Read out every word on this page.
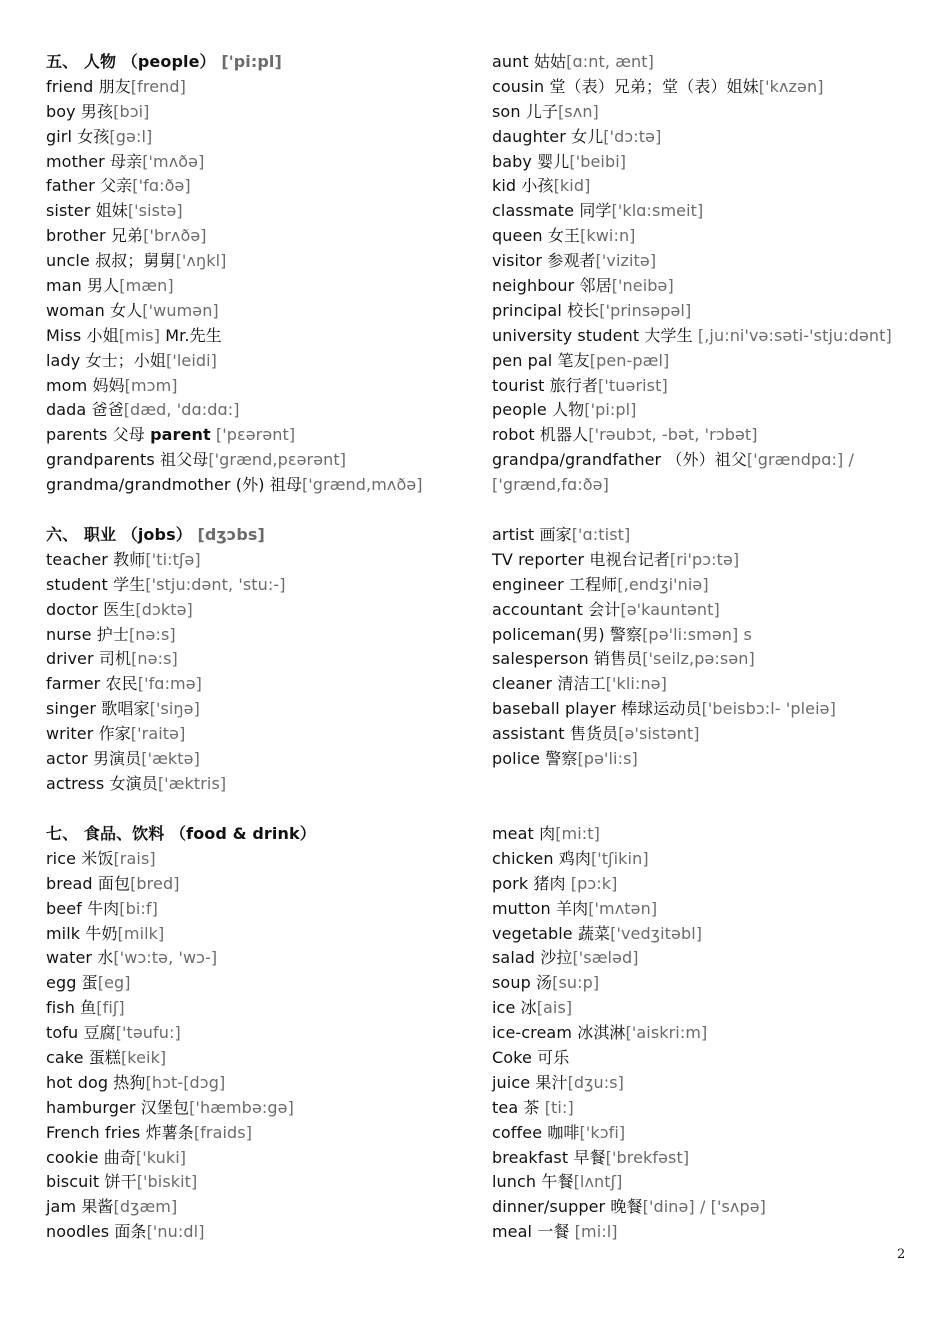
五、 人物 （people） ['pi:pl]
friend 朋友[frend]
boy 男孩[bɔi]
girl 女孩[gə:l]
mother 母亲['mʌðə]
father 父亲['fɑ:ðə]
sister 姐妹['sistə]
brother 兄弟['brʌðə]
uncle 叔叔；舅舅['ʌŋkl]
man 男人[mæn]
woman 女人['wumən]
Miss 小姐[mis] Mr.先生
lady 女士；小姐['leidi]
mom 妈妈[mɔm]
dada 爸爸[dæd, 'dɑ:dɑ:]
parents 父母 parent ['pɛərənt]
grandparents 祖父母['grænd,pɛərənt]
grandma/grandmother (外) 祖母['grænd,mʌðə]
aunt 姑姑[ɑ:nt, ænt]
cousin 堂（表）兄弟；堂（表）姐妹['kʌzən]
son 儿子[sʌn]
daughter 女儿['dɔ:tə]
baby 婴儿['beibi]
kid 小孩[kid]
classmate 同学['klɑ:smeit]
queen 女王[kwi:n]
visitor 参观者['vizitə]
neighbour 邻居['neibə]
principal 校长['prinsəpəl]
university student 大学生 [,ju:ni'və:səti-'stju:dənt]
pen pal 笔友[pen-pæl]
tourist 旅行者['tuərist]
people 人物['pi:pl]
robot 机器人['rəubɔt, -bət, 'rɔbət]
grandpa/grandfather （外）祖父['grændpɑ:] / ['grænd,fɑ:ðə]
六、 职业 （jobs） [dʒɔbs]
teacher 教师['ti:tʃə]
student 学生['stju:dənt, 'stu:-]
doctor 医生[dɔktə]
nurse 护士[nə:s]
driver 司机[nə:s]
farmer 农民['fɑ:mə]
singer 歌唱家['siŋə]
writer 作家['raitə]
actor 男演员['æktə]
actress 女演员['æktris]
artist 画家['ɑ:tist]
TV reporter 电视台记者[ri'pɔ:tə]
engineer 工程师[,endʒi'niə]
accountant 会计[ə'kauntənt]
policeman(男) 警察[pə'li:smən] s
salesperson 销售员['seilz,pə:sən]
cleaner 清洁工['kli:nə]
baseball player 棒球运动员['beisbɔ:l- 'pleiə]
assistant 售货员[ə'sistənt]
police 警察[pə'li:s]
七、 食品、饮料 （food & drink）
rice 米饭[rais]
bread 面包[bred]
beef 牛肉[bi:f]
milk 牛奶[milk]
water 水['wɔ:tə, 'wɔ-]
egg 蛋[eg]
fish 鱼[fiʃ]
tofu 豆腐['təufu:]
cake 蛋糕[keik]
hot dog 热狗[hɔt-[dɔg]
hamburger 汉堡包['hæmbə:gə]
French fries 炸薯条[fraids]
cookie 曲奇['kuki]
biscuit 饼干['biskit]
jam 果酱[dʒæm]
noodles 面条['nu:dl]
meat 肉[mi:t]
chicken 鸡肉['tʃikin]
pork 猪肉 [pɔ:k]
mutton 羊肉['mʌtən]
vegetable 蔬菜['vedʒitəbl]
salad 沙拉['sæləd]
soup 汤[su:p]
ice 冰[ais]
ice-cream 冰淇淋['aiskri:m]
Coke 可乐
juice 果汁[dʒu:s]
tea 茶 [ti:]
coffee 咖啡['kɔfi]
breakfast 早餐['brekfəst]
lunch 午餐[lʌntʃ]
dinner/supper 晚餐['dinə] / ['sʌpə]
meal 一餐 [mi:l]
2
